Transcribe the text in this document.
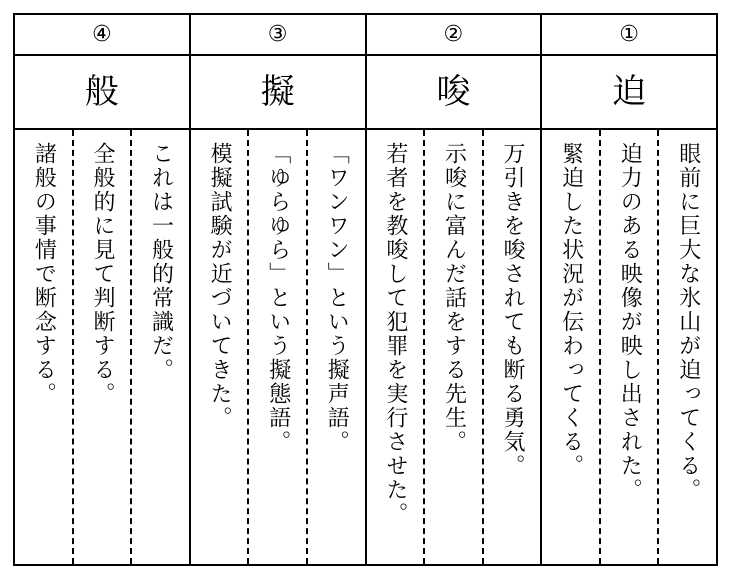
①
迫
眼前に巨大な氷山が迫ってくる。
迫力のある映像が映し出された。
緊迫した状況が伝わってくる。
②
唆
万引きを唆されても断る勇気。
示唆に富んだ話をする先生。
若者を教唆して犯罪を実行させた。
③
擬
「ワンワン」という擬声語。
「ゆらゆら」という擬態語。
模擬試験が近づいてきた。
④
般
これは一般的常識だ。
全般的に見て判断する。
諸般の事情で断念する。
